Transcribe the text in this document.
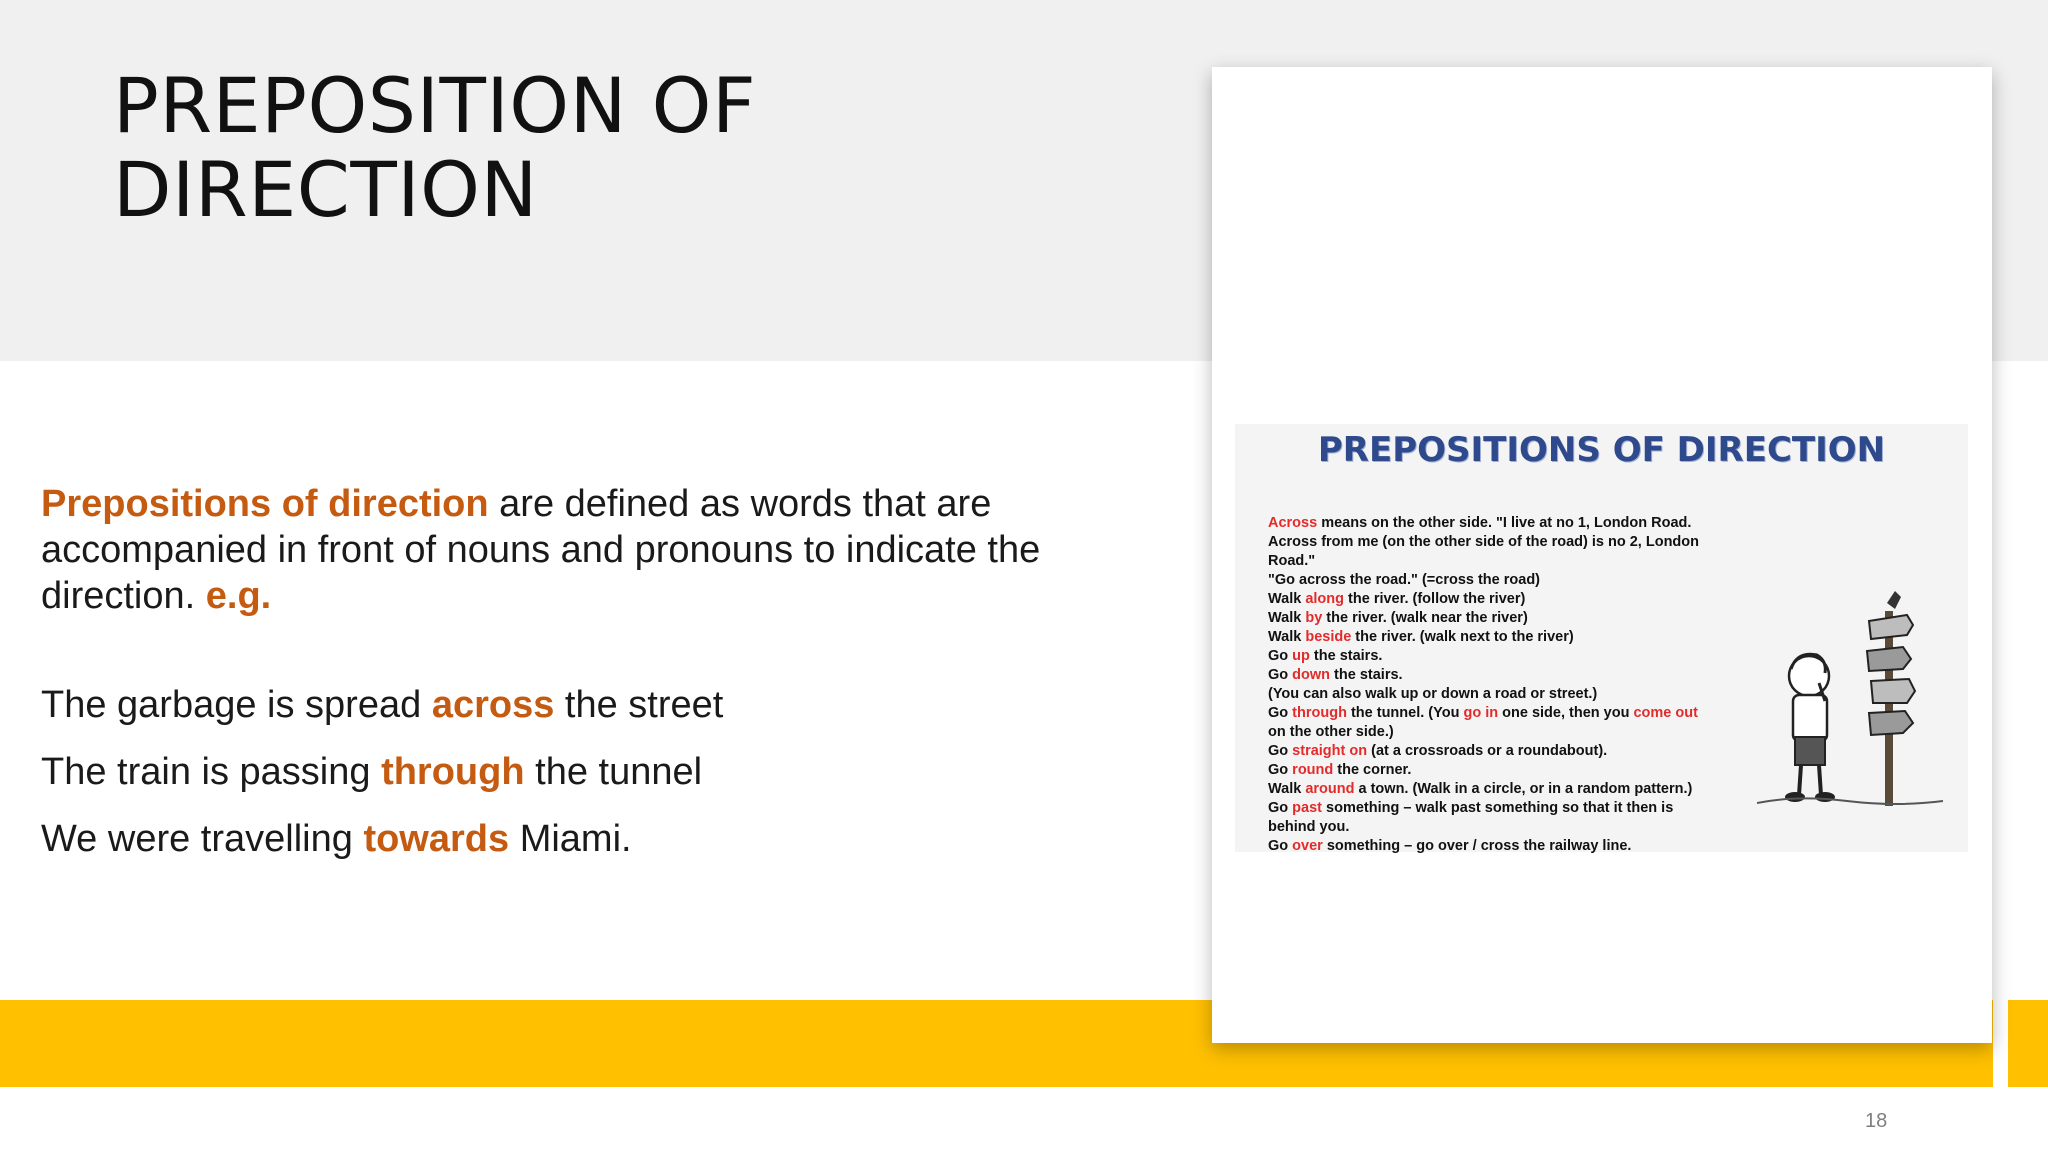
PREPOSITION OF DIRECTION
Prepositions of direction are defined as words that are accompanied in front of nouns and pronouns to indicate the direction. e.g.
The garbage is spread across the street
The train is passing through the tunnel
We were travelling towards Miami.
PREPOSITIONS OF DIRECTION
Across means on the other side. "I live at no 1, London Road.
Across from me (on the other side of the road) is no 2, London
Road."
"Go across the road." (=cross the road)
Walk along the river. (follow the river)
Walk by the river. (walk near the river)
Walk beside the river. (walk next to the river)
Go up the stairs.
Go down the stairs.
(You can also walk up or down a road or street.)
Go through the tunnel. (You go in one side, then you come out
on the other side.)
Go straight on (at a crossroads or a roundabout).
Go round the corner.
Walk around a town. (Walk in a circle, or in a random pattern.)
Go past something – walk past something so that it then is
behind you.
Go over something – go over / cross the railway line.
18
